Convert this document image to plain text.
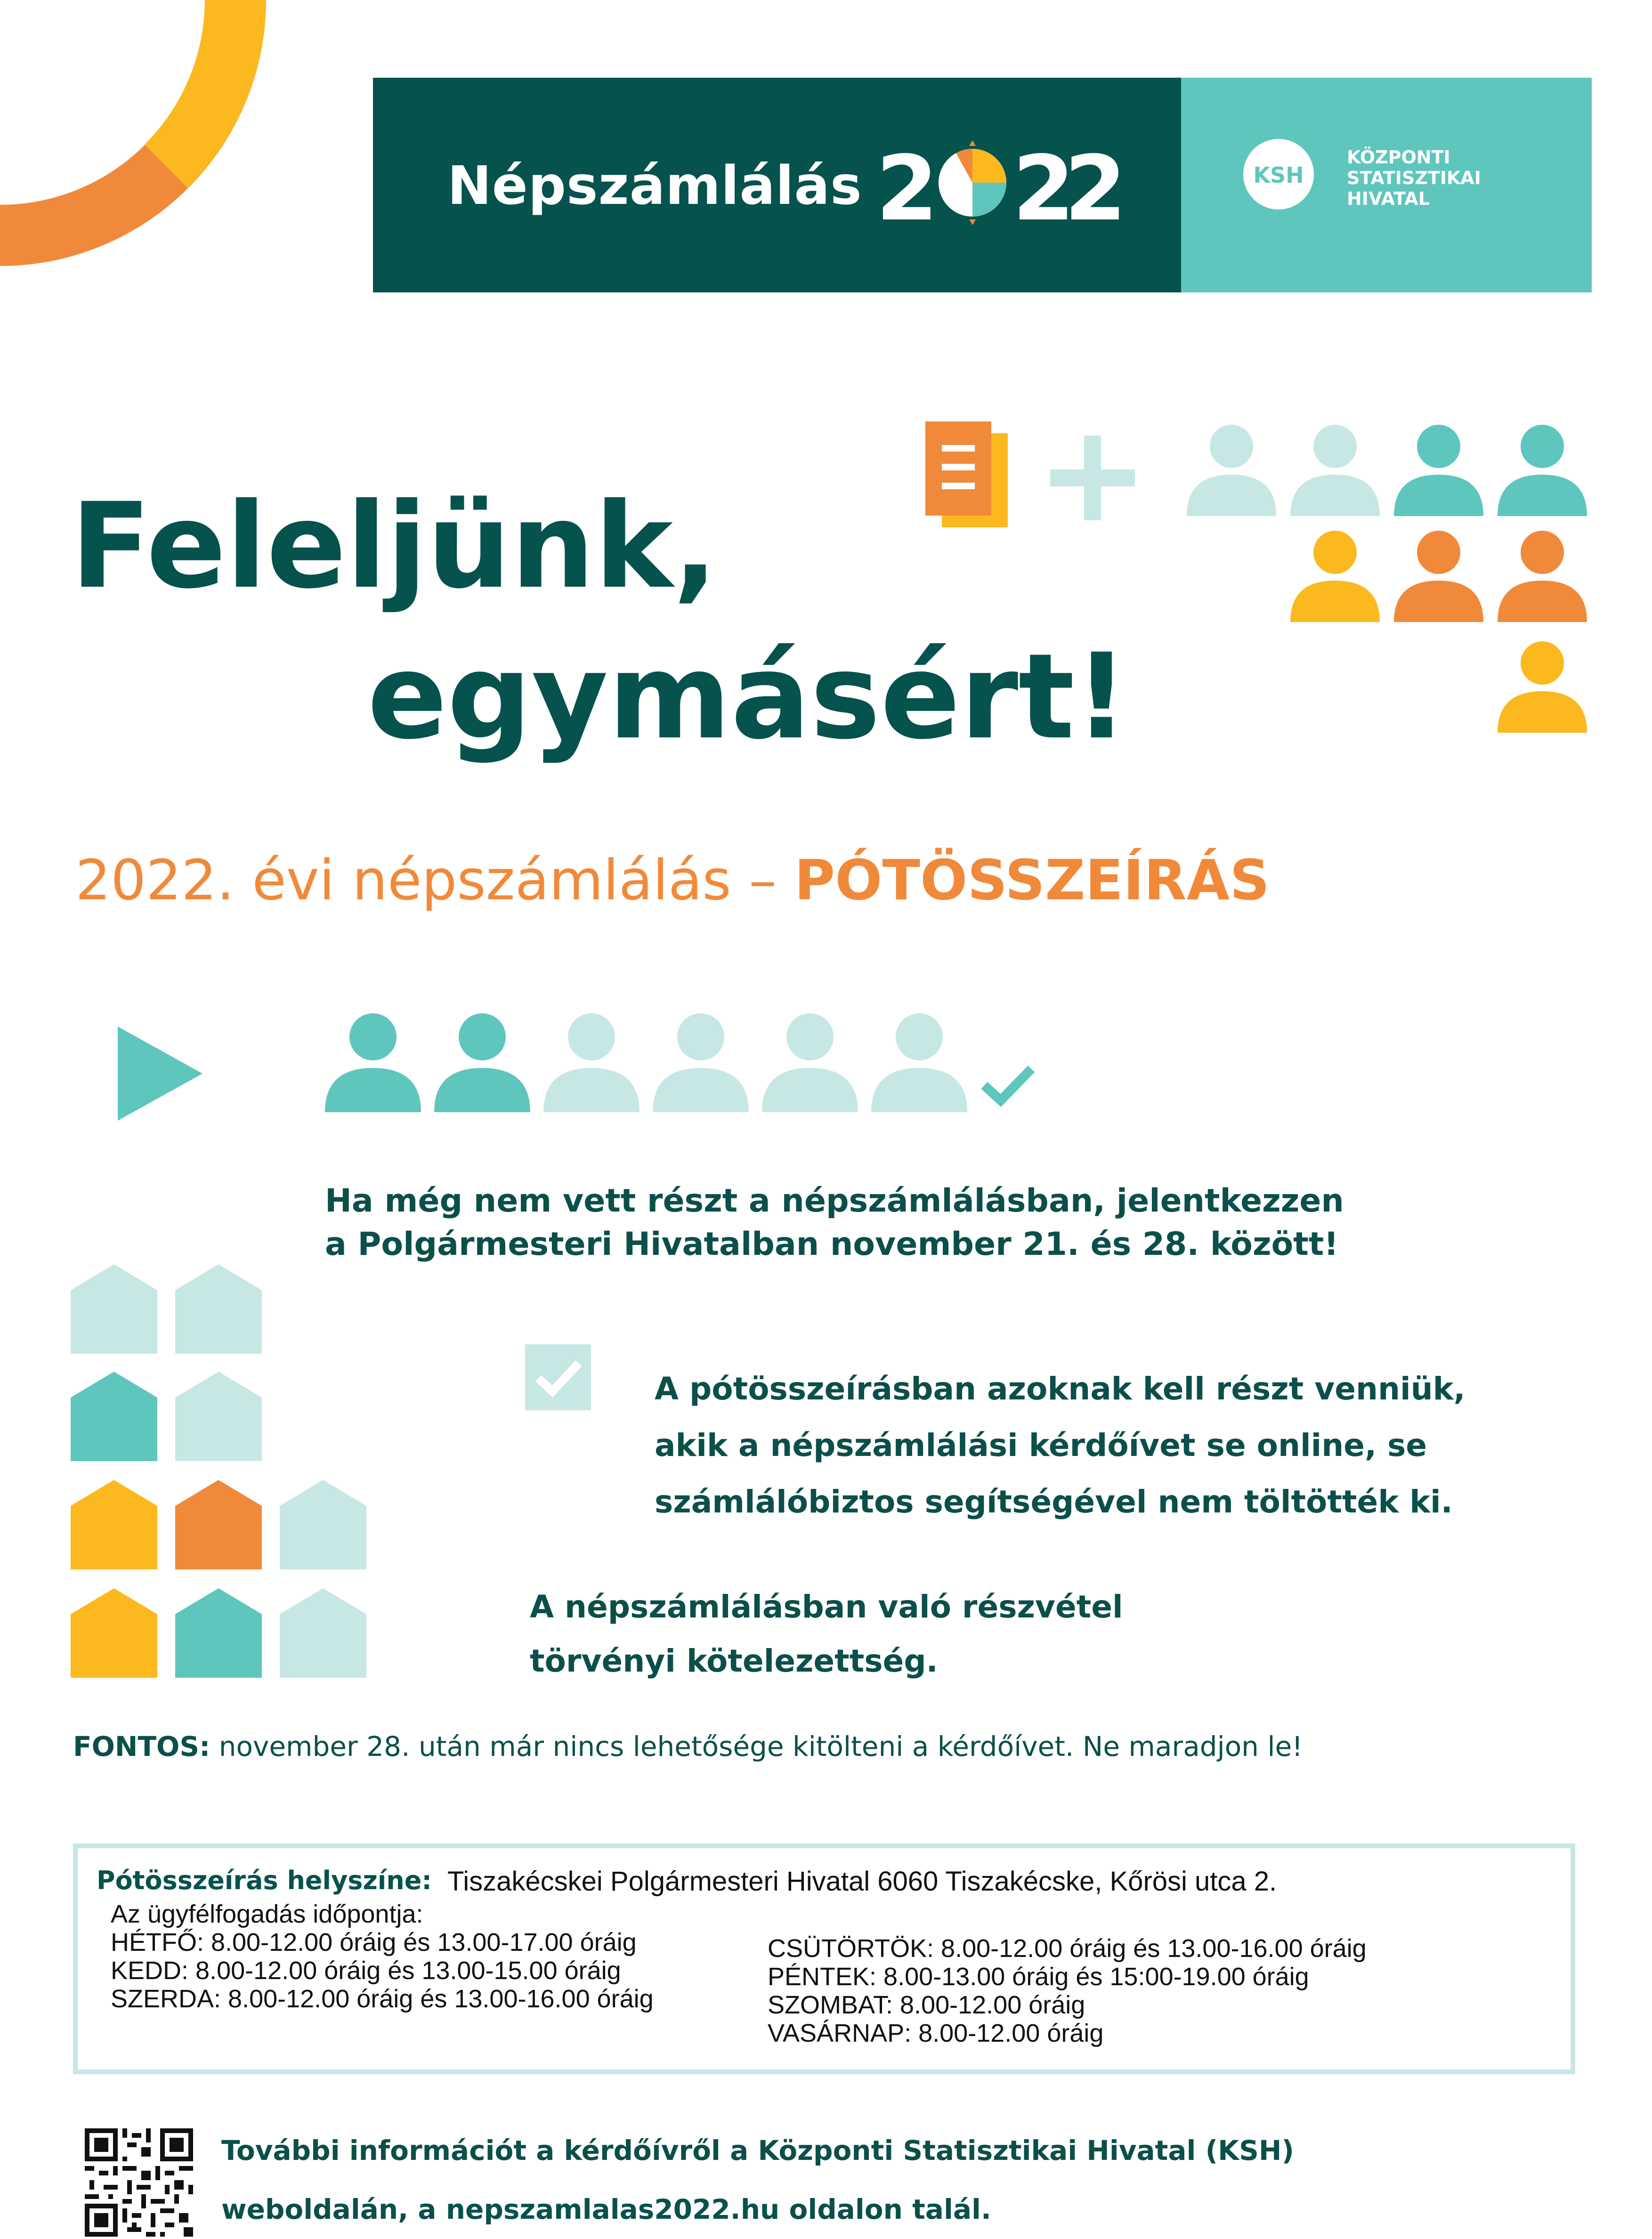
Népszámlálás 2 2
2	KSH
KÖZPONTI
STATISZTIKAI
HIVATAL
Feleljünk,
egymásért!
2022. évi népszámlálás – PÓTÖSSZEÍRÁS
Ha még nem vett részt a népszámlálásban, jelentkezzen
a Polgármesteri Hivatalban november 21. és 28. között!
A pótösszeírásban azoknak kell részt venniük,
akik a népszámlálási kérdőívet se online, se
számlálóbiztos segítségével nem töltötték ki.
A népszámlálásban való részvétel
törvényi kötelezettség.
FONTOS: november 28. után már nincs lehetősége kitölteni a kérdőívet. Ne maradjon le!
Pótösszeírás helyszíne: Tiszakécskei Polgármesteri Hivatal 6060 Tiszakécske, Kőrösi utca 2.
Az ügyfélfogadás időpontja:
HÉTFŐ: 8.00-12.00 óráig és 13.00-17.00 óráig
KEDD: 8.00-12.00 óráig és 13.00-15.00 óráig
SZERDA: 8.00-12.00 óráig és 13.00-16.00 óráig
CSÜTÖRTÖK: 8.00-12.00 óráig és 13.00-16.00 óráig
PÉNTEK: 8.00-13.00 óráig és 15:00-19.00 óráig
SZOMBAT: 8.00-12.00 óráig
VASÁRNAP: 8.00-12.00 óráig
További információt a kérdőívről a Központi Statisztikai Hivatal (KSH)
weboldalán, a nepszamlalas2022.hu oldalon talál.
